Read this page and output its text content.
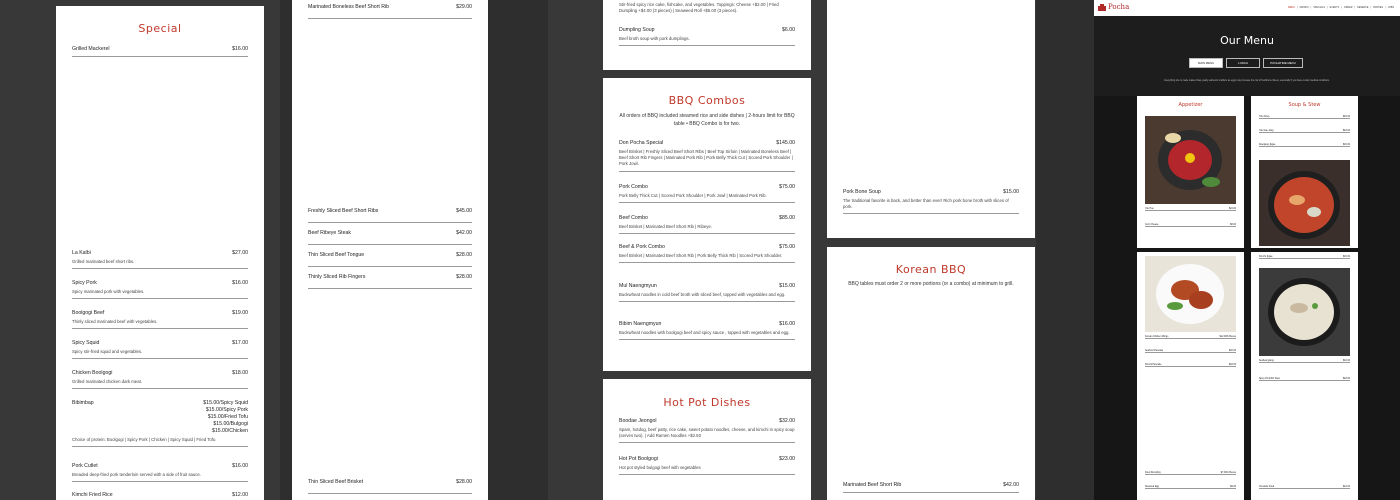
Special
Grilled Mackerel	$16.00
La Kalbi	$27.00
Grilled marinated beef short ribs.
Spicy Pork	$16.00
Spicy marinated pork with vegetables.
Boolgogi Beef	$19.00
Thinly sliced marinated beef with vegetables.
Spicy Squid	$17.00
Spicy stir-fried squid and vegetables.
Chicken Boolgogi	$18.00
Grilled marinated chicken dark meat.
Bibimbap	$15.00/Spicy Squid
$15.00/Spicy Pork
$15.00/Fried Tofu
$15.00/Bulgogi
$15.00/Chicken
Choice of protein: Boolgogi | Spicy Pork | Chicken | Spicy Squid | Fried Tofu
Pork Cutlet	$16.00
Breaded deep-fried pork tenderloin served with a side of fruit sauce.
Kimchi Fried Rice	$12.00
Marinated Boneless Beef Short Rib	$29.00
Freshly Sliced Beef Short Ribs	$45.00
Beef Ribeye Steak	$42.00
Thin Sliced Beef Tongue	$28.00
Thinly Sliced Rib Fingers	$28.00
Thin Sliced Beef Brisket	$28.00
Stir-fried spicy rice cake, fishcake, and vegetables. Toppings: Cheese +$2.00 | Fried Dumpling +$4.00 (3 pieces) | Seaweed Roll +$5.00 (3 pieces).
Dumpling Soup	$6.00
Beef broth soup with pork dumplings.
BBQ Combos
All orders of BBQ included steamed rice and side dishes | 2-hours limit for BBQ table • BBQ Combo is for two.
Don Pocha Special	$145.00
Beef Brisket | Freshly Sliced Beef Short Ribs | Beef Top Sirloin | Marinated Boneless Beef | Beef Short Rib Fingers | Marinated Pork Rib | Pork Belly Thick Cut | Scored Pork Shoulder | Pork Jowl.
Pork Combo	$75.00
Pork Belly Thick Cut | Scored Pork Shoulder | Pork Jowl | Marinated Pork Rib.
Beef Combo	$85.00
Beef Brisket | Marinated Beef Short Rib | Ribeye.
Beef & Pork Combo	$75.00
Beef Brisket | Marinated Beef Short Rib | Pork Belly Thick Rib | Scored Pork Shoulder.
Mul Naengmyun	$15.00
Buckwheat noodles in cold beef broth with sliced beef, topped with vegetables and egg.
Bibim Naengmyun	$16.00
Buckwheat noodles with boolgogi beef and spicy sauce , topped with vegetables and egg.
Hot Pot Dishes
Boodae Jeongol	$32.00
Spam, hotdog, beef patty, rice cake, sweet potato noodles, cheese, and kimchi in spicy soup (serves two). | Add Ramen Noodles +$2.50
Hot Pot Boolgogi	$23.00
Hot pot styled bulgogi beef with vegetables
Pork Bone Soup	$15.00
The traditional favorite is back, and better than ever! Rich pork bone broth with slices of pork.
Korean BBQ
BBQ tables must order 2 or more portions (or a combo) at minimum to grill.
Marinated Beef Short Rib	$42.00
Pocha	MENU | DRINKS | SPECIALS | EVENTS | ORDER | RESERVE | PARTIES | JOBS
Our Menu
MAIN MENU	LUNCH	POCHATIME MENU
Everything she is made makes thaw, paulty authentic tradition as eggs may increase the risk of foodborne illness, especially if you have certain medical conditions.
Appetizer
Yuk Hoe	$24.00
Corn Cheese	$8.00
Soup & Stew
Tofu Soup	$15.00
Yuk Gae Jang	$16.00
Doenjang Jjigae	$15.00
Korean Chicken Wings	$12.00/6 Pieces
Seafood Pancake	$22.00
Kimchi Pancake	$18.00
Fried Dumpling	$7.00/4 Pieces
Steamed Egg	$9.00
Kimchi Jjigae	$15.00
Seolleongtang	$16.00
Spicy Pork Rib Stew	$18.00
Omelette Fried	$12.00
